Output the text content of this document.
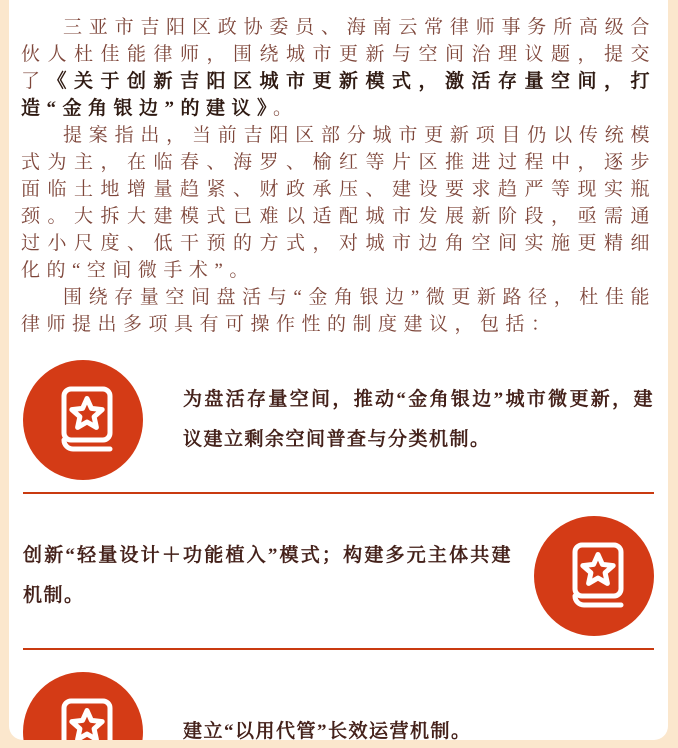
三亚市吉阳区政协委员、海南云常律师事务所高级合伙人杜佳能律师，围绕城市更新与空间治理议题，提交了《关于创新吉阳区城市更新模式，激活存量空间，打造“金角银边”的建议》。

提案指出，当前吉阳区部分城市更新项目仍以传统模式为主，在临春、海罗、榆红等片区推进过程中，逐步面临土地增量趋紧、财政承压、建设要求趋严等现实瓶颈。大拆大建模式已难以适配城市发展新阶段，亟需通过小尺度、低干预的方式，对城市边角空间实施更精细化的“空间微手术”。

围绕存量空间盘活与“金角银边”微更新路径，杜佳能律师提出多项具有可操作性的制度建议，包括：

为盘活存量空间，推动“金角银边”城市微更新，建议建立剩余空间普查与分类机制。
创新“轻量设计＋功能植入”模式；构建多元主体共建机制。
建立“以用代管”长效运营机制。
